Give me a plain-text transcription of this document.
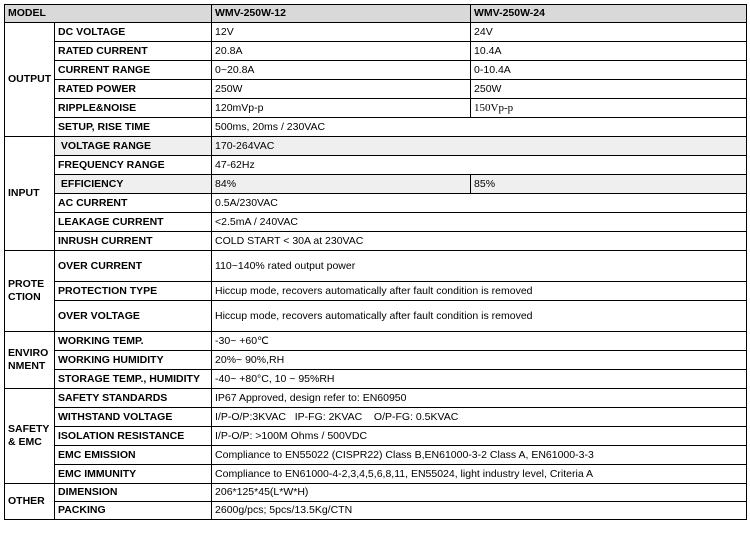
MODEL		WMV-250W-12	WMV-250W-24
OUTPUT	DC VOLTAGE	12V	24V
	RATED CURRENT	20.8A	10.4A
	CURRENT RANGE	0~20.8A	0-10.4A
	RATED POWER	250W	250W
	RIPPLE&NOISE	120mVp-p	150Vp-p
	SETUP, RISE TIME	500ms, 20ms / 230VAC	
INPUT	VOLTAGE RANGE	170-264VAC	
	FREQUENCY RANGE	47-62Hz	
	EFFICIENCY	84%	85%
	AC CURRENT	0.5A/230VAC	
	LEAKAGE CURRENT	<2.5mA / 240VAC	
	INRUSH CURRENT	COLD START < 30A at 230VAC	
PROTE CTION	OVER CURRENT	110~140% rated output power	
	PROTECTION TYPE	Hiccup mode, recovers automatically after fault condition is removed	
	OVER VOLTAGE	Hiccup mode, recovers automatically after fault condition is removed	
ENVIRO NMENT	WORKING TEMP.	-30~ +60℃	
	WORKING HUMIDITY	20%~ 90%,RH	
	STORAGE TEMP., HUMIDITY	-40~ +80°C, 10 ~ 95%RH	
SAFETY & EMC	SAFETY STANDARDS	IP67 Approved, design refer to: EN60950	
	WITHSTAND VOLTAGE	I/P-O/P:3KVAC   IP-FG: 2KVAC    O/P-FG: 0.5KVAC	
	ISOLATION RESISTANCE	I/P-O/P: >100M Ohms / 500VDC	
	EMC EMISSION	Compliance to EN55022 (CISPR22) Class B,EN61000-3-2 Class A, EN61000-3-3	
	EMC IMMUNITY	Compliance to EN61000-4-2,3,4,5,6,8,11, EN55024, light industry level, Criteria A	
OTHER	DIMENSION	206*125*45(L*W*H)	
	PACKING	2600g/pcs; 5pcs/13.5Kg/CTN	
